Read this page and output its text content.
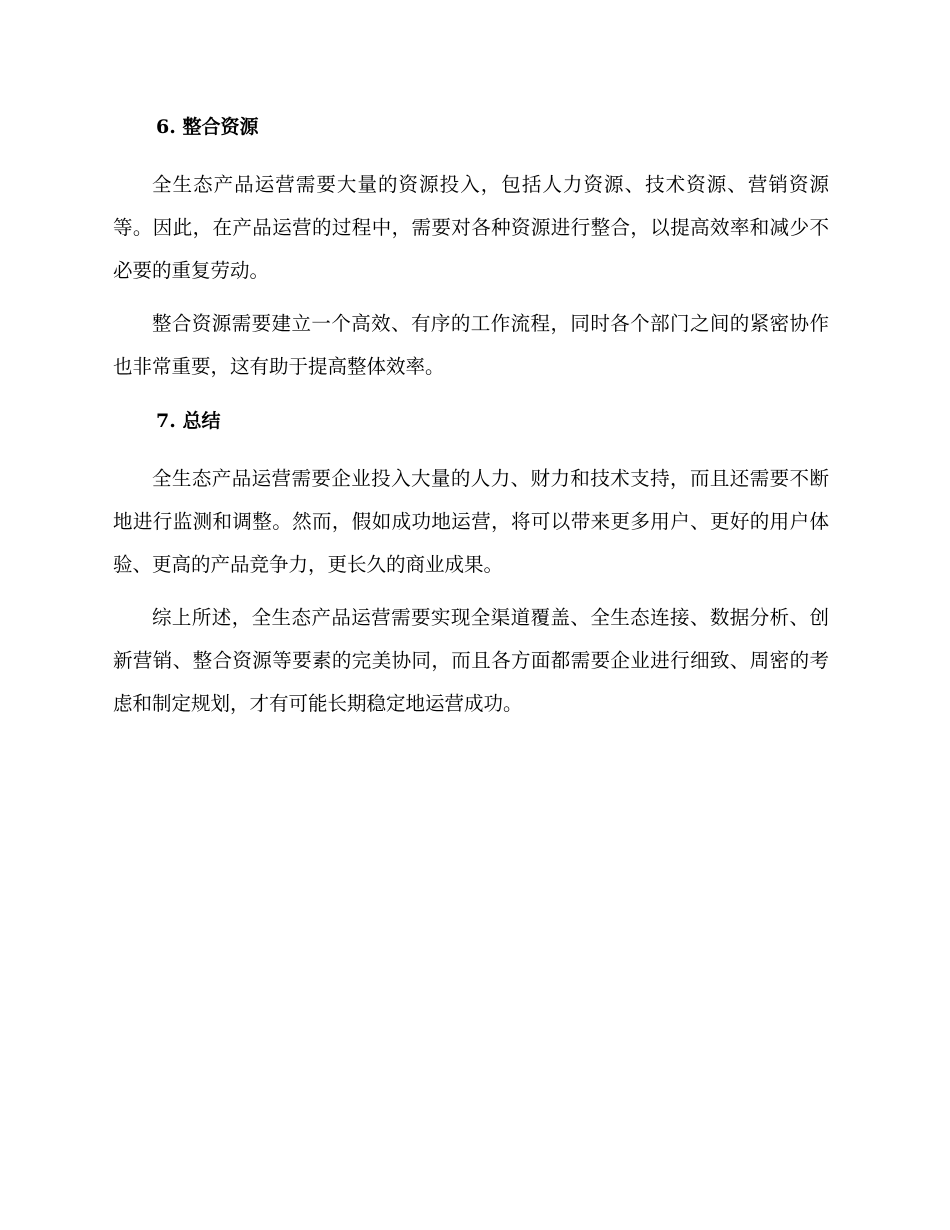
6. 整合资源

全生态产品运营需要大量的资源投入，包括人力资源、技术资源、营销资源等。因此，在产品运营的过程中，需要对各种资源进行整合，以提高效率和减少不必要的重复劳动。

整合资源需要建立一个高效、有序的工作流程，同时各个部门之间的紧密协作也非常重要，这有助于提高整体效率。

7. 总结

全生态产品运营需要企业投入大量的人力、财力和技术支持，而且还需要不断地进行监测和调整。然而，假如成功地运营，将可以带来更多用户、更好的用户体验、更高的产品竞争力，更长久的商业成果。

综上所述，全生态产品运营需要实现全渠道覆盖、全生态连接、数据分析、创新营销、整合资源等要素的完美协同，而且各方面都需要企业进行细致、周密的考虑和制定规划，才有可能长期稳定地运营成功。
